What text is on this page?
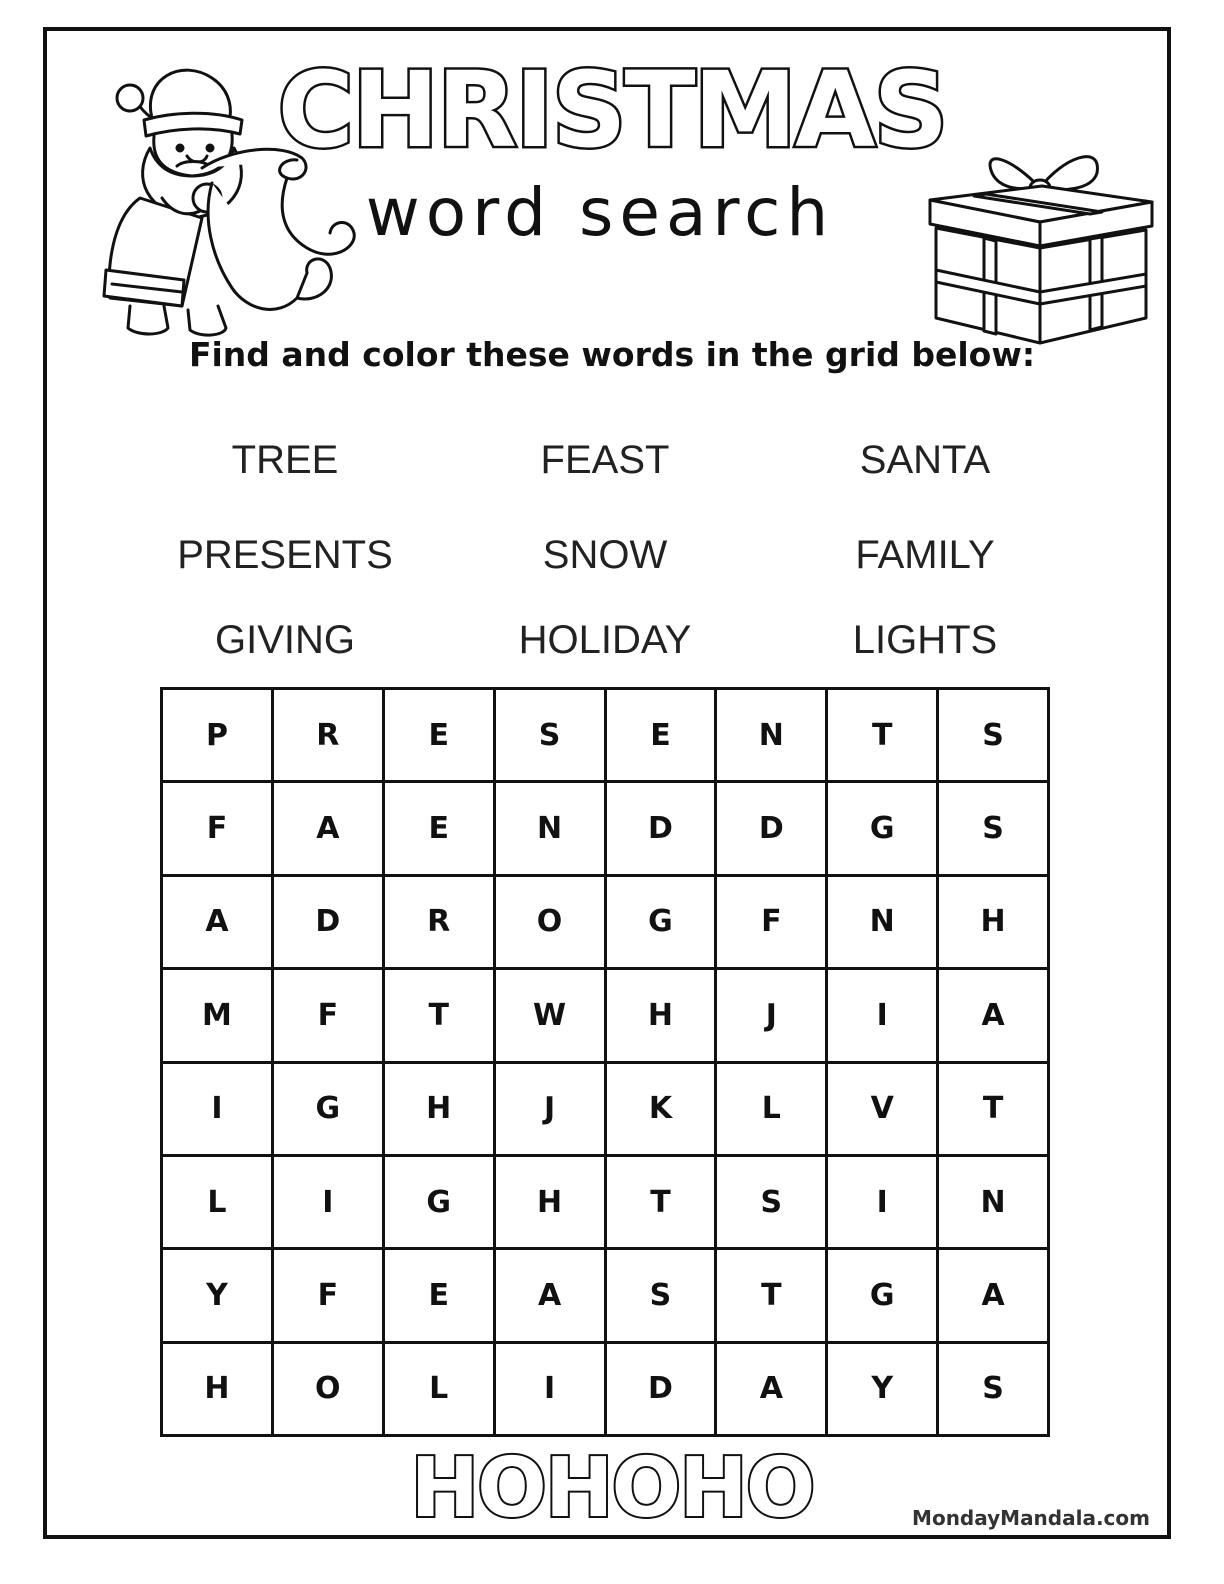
CHRISTMAS
word search
Find and color these words in the grid below:
TREE	FEAST	SANTA
PRESENTS	SNOW	FAMILY
GIVING	HOLIDAY	LIGHTS
P	R	E	S	E	N	T	S
F	A	E	N	D	D	G	S
A	D	R	O	G	F	N	H
M	F	T	W	H	J	I	A
I	G	H	J	K	L	V	T
L	I	G	H	T	S	I	N
Y	F	E	A	S	T	G	A
H	O	L	I	D	A	Y	S
HOHOHO	MondayMandala.com
